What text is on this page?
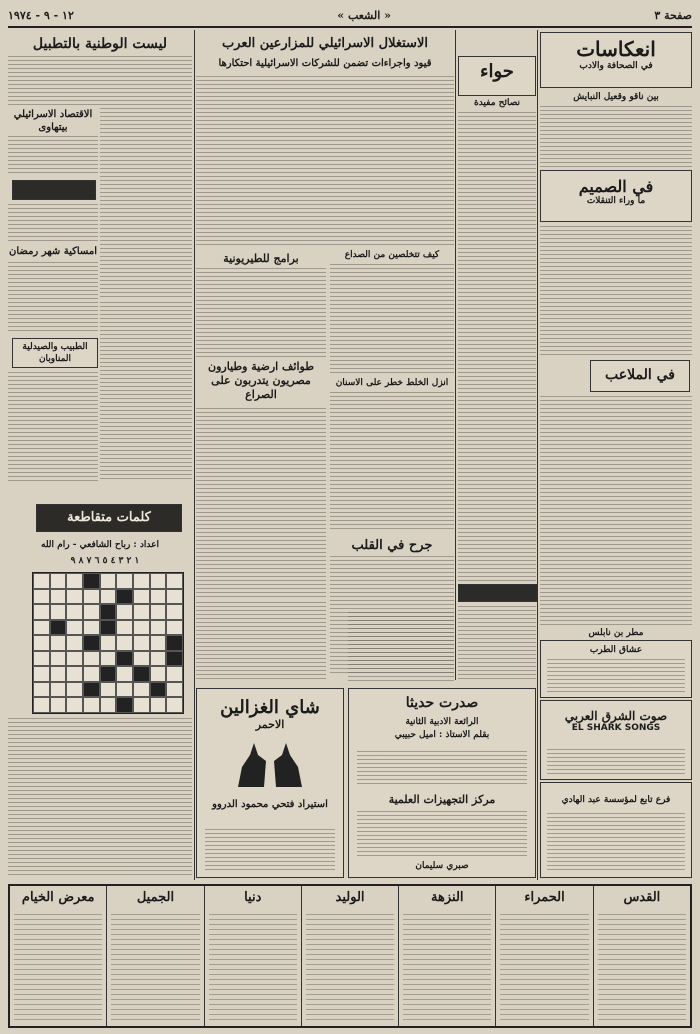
صفحة ٣
« الشعب »
١٢ - ٩ - ١٩٧٤
انعكاسات
في الصحافة والادب
بين ناقو وقعيل النبايش
في الصميم
ما وراء التنقلات
في الملاعب
مطر بن نابلس
حواء
نصائح مفيدة
الاستغلال الاسرائيلي للمزارعين العرب
قيود واجراءات تضمن للشركات الاسرائيلية احتكارها
كيف تتخلصين من الصداع
انزل الخلط خطر على الاسنان
برامج للطيريونية
طوائف ارضية وطيارون مصريون يتدربون على الصراع
جرح في القلب
شاي الغزالين
الاحمر
استيراد فتحي محمود الدروو
ليست الوطنية بالتطبيل
الاقتصاد الاسرائيلي بيتهاوى
امساكية شهر رمضان
الطبيب والصيدلية المناوبان
كلمات متقاطعة
اعداد : رباح الشافعي - رام الله
١ ٢ ٣ ٤ ٥ ٦ ٧ ٨ ٩
عشاق الطرب
صوت الشرق العربي
EL SHARK SONGS
فرع تابع لمؤسسة عبد الهادي
صدرت حديثا
الرائعة الادبية الثانية
بقلم الاستاذ : اميل حبيبي
مركز التجهيزات العلمية
صبري سليمان
القدس
الحمراء
النزهة
الوليد
دنيا
الجميل
معرض الخيام
